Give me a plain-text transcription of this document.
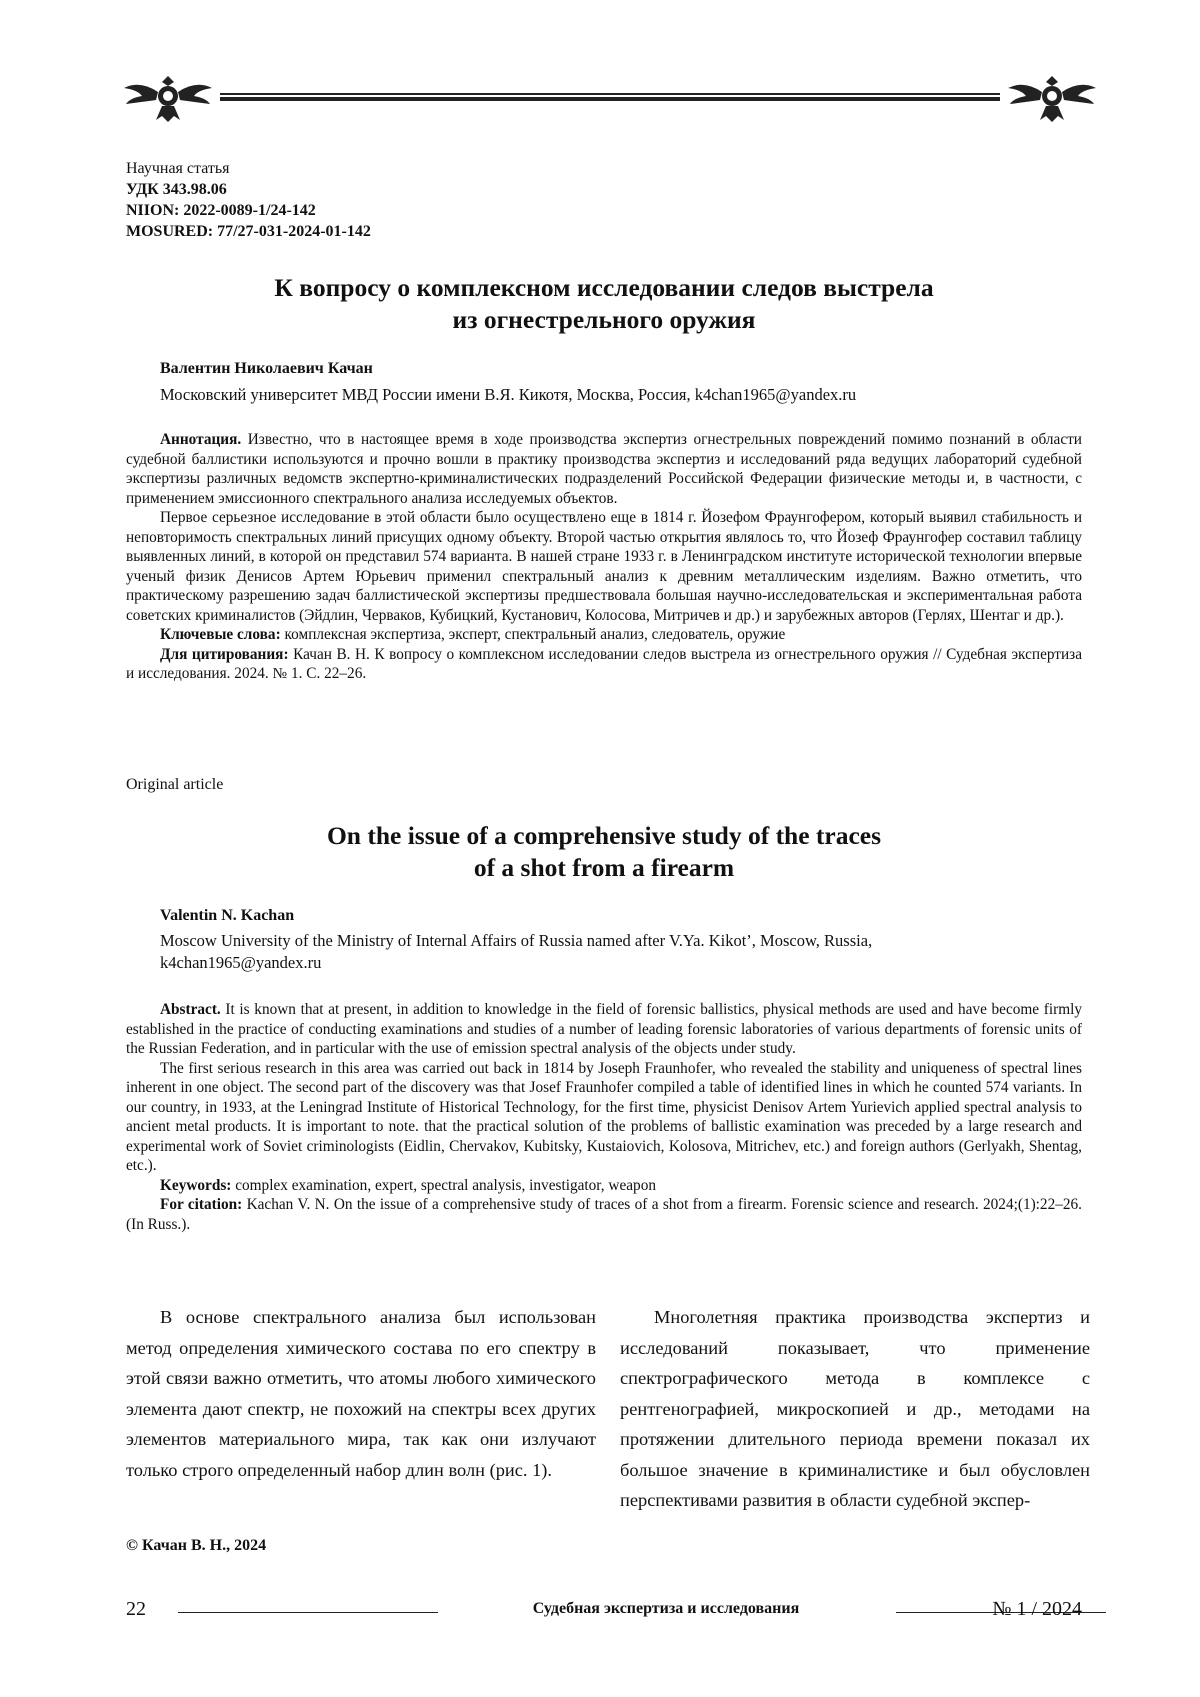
Научная статья
УДК 343.98.06
NIION: 2022-0089-1/24-142
MOSURED: 77/27-031-2024-01-142
К вопросу о комплексном исследовании следов выстрела
из огнестрельного оружия
Валентин Николаевич Качан
Московский университет МВД России имени В.Я. Кикотя, Москва, Россия, k4chan1965@yandex.ru

Аннотация. Известно, что в настоящее время в ходе производства экспертиз огнестрельных повреждений помимо познаний в области судебной баллистики используются и прочно вошли в практику производства экспертиз и исследований ряда ведущих лабораторий судебной экспертизы различных ведомств экспертно-криминалистических подразделений Российской Федерации физические методы и, в частности, с применением эмиссионного спектрального анализа исследуемых объектов.

Первое серьезное исследование в этой области было осуществлено еще в 1814 г. Йозефом Фраунгофером, который выявил стабильность и неповторимость спектральных линий присущих одному объекту. Второй частью открытия являлось то, что Йозеф Фраунгофер составил таблицу выявленных линий, в которой он представил 574 варианта. В нашей стране 1933 г. в Ленинградском институте исторической технологии впервые ученый физик Денисов Артем Юрьевич применил спектральный анализ к древним металлическим изделиям. Важно отметить, что практическому разрешению задач баллистической экспертизы предшествовала большая научно-исследовательская и экспериментальная работа советских криминалистов (Эйдлин, Черваков, Кубицкий, Кустанович, Колосова, Митричев и др.) и зарубежных авторов (Герлях, Шентаг и др.).

Ключевые слова: комплексная экспертиза, эксперт, спектральный анализ, следователь, оружие

Для цитирования: Качан В. Н. К вопросу о комплексном исследовании следов выстрела из огнестрельного оружия // Судебная экспертиза и исследования. 2024. № 1. С. 22–26.

Original article
On the issue of a comprehensive study of the traces
of a shot from a firearm
Valentin N. Kachan
Moscow University of the Ministry of Internal Affairs of Russia named after V.Ya. Kikot’, Moscow, Russia,
k4chan1965@yandex.ru

Abstract. It is known that at present, in addition to knowledge in the field of forensic ballistics, physical methods are used and have become firmly established in the practice of conducting examinations and studies of a number of leading forensic laboratories of various departments of forensic units of the Russian Federation, and in particular with the use of emission spectral analysis of the objects under study.

The first serious research in this area was carried out back in 1814 by Joseph Fraunhofer, who revealed the stability and uniqueness of spectral lines inherent in one object. The second part of the discovery was that Josef Fraunhofer compiled a table of identified lines in which he counted 574 variants. In our country, in 1933, at the Leningrad Institute of Historical Technology, for the first time, physicist Denisov Artem Yurievich applied spectral analysis to ancient metal products. It is important to note. that the practical solution of the problems of ballistic examination was preceded by a large research and experimental work of Soviet criminologists (Eidlin, Chervakov, Kubitsky, Kustaiovich, Kolosova, Mitrichev, etc.) and foreign authors (Gerlyakh, Shentag, etc.).

Keywords: complex examination, expert, spectral analysis, investigator, weapon

For citation: Kachan V. N. On the issue of a comprehensive study of traces of a shot from a firearm. Forensic science and research. 2024;(1):22–26. (In Russ.).

В основе спектрального анализа был использован метод определения химического состава по его спектру в этой связи важно отметить, что атомы любого химического элемента дают спектр, не похожий на спектры всех других элементов материального мира, так как они излучают только строго определенный набор длин волн (рис. 1).

Многолетняя практика производства экспертиз и исследований показывает, что применение спектрографического метода в комплексе с рентгенографией, микроскопией и др., методами на протяжении длительного периода времени показал их большое значение в криминалистике и был обусловлен перспективами развития в области судебной экспер-

© Качан В. Н., 2024
22	Судебная экспертиза и исследования	№ 1 / 2024
